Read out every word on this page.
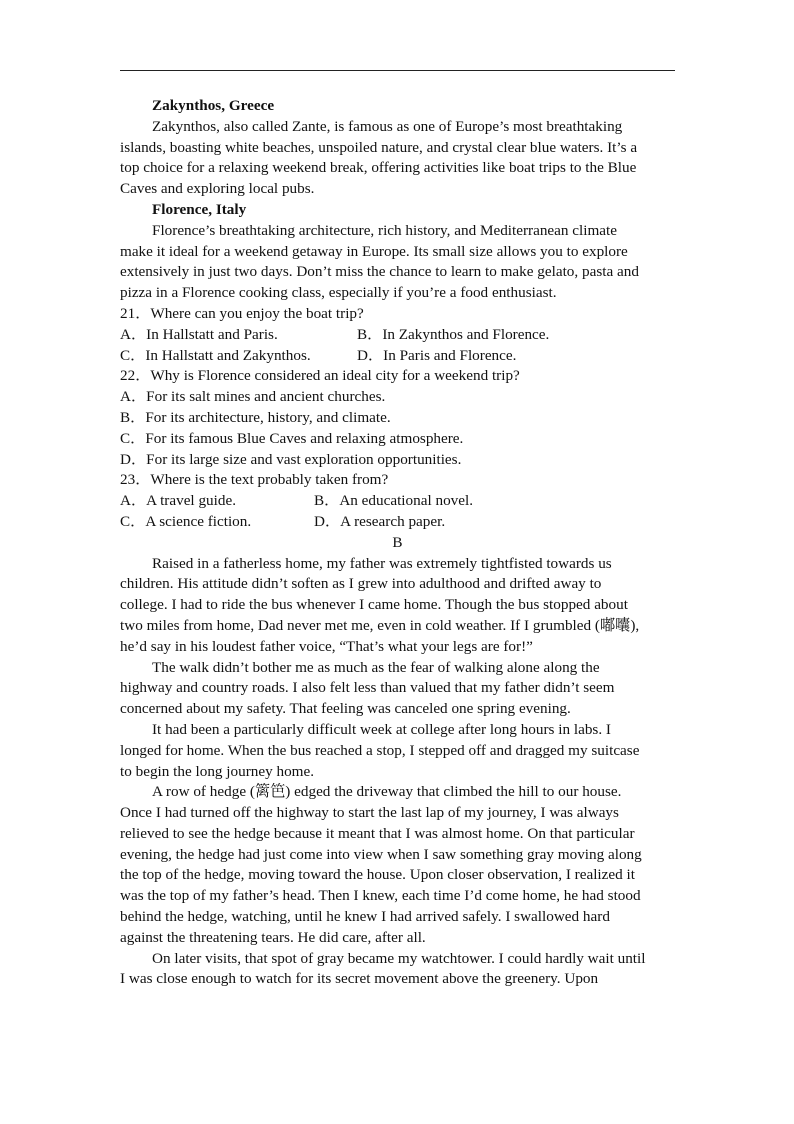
Zakynthos, Greece
Zakynthos, also called Zante, is famous as one of Europe’s most breathtaking
islands, boasting white beaches, unspoiled nature, and crystal clear blue waters. It’s a
top choice for a relaxing weekend break, offering activities like boat trips to the Blue
Caves and exploring local pubs.
Florence, Italy
Florence’s breathtaking architecture, rich history, and Mediterranean climate
make it ideal for a weekend getaway in Europe. Its small size allows you to explore
extensively in just two days. Don’t miss the chance to learn to make gelato, pasta and
pizza in a Florence cooking class, especially if you’re a food enthusiast.
21．Where can you enjoy the boat trip?
A．In Hallstatt and Paris.	B．In Zakynthos and Florence.
C．In Hallstatt and Zakynthos.	D．In Paris and Florence.
22．Why is Florence considered an ideal city for a weekend trip?
A．For its salt mines and ancient churches.
B．For its architecture, history, and climate.
C．For its famous Blue Caves and relaxing atmosphere.
D．For its large size and vast exploration opportunities.
23．Where is the text probably taken from?
A．A travel guide.	B．An educational novel.
C．A science fiction.	D．A research paper.
B
Raised in a fatherless home, my father was extremely tightfisted towards us
children. His attitude didn’t soften as I grew into adulthood and drifted away to
college. I had to ride the bus whenever I came home. Though the bus stopped about
two miles from home, Dad never met me, even in cold weather. If I grumbled (嘟囔),
he’d say in his loudest father voice, “That’s what your legs are for!”
The walk didn’t bother me as much as the fear of walking alone along the
highway and country roads. I also felt less than valued that my father didn’t seem
concerned about my safety. That feeling was canceled one spring evening.
It had been a particularly difficult week at college after long hours in labs. I
longed for home. When the bus reached a stop, I stepped off and dragged my suitcase
to begin the long journey home.
A row of hedge (篱笆) edged the driveway that climbed the hill to our house.
Once I had turned off the highway to start the last lap of my journey, I was always
relieved to see the hedge because it meant that I was almost home. On that particular
evening, the hedge had just come into view when I saw something gray moving along
the top of the hedge, moving toward the house. Upon closer observation, I realized it
was the top of my father’s head. Then I knew, each time I’d come home, he had stood
behind the hedge, watching, until he knew I had arrived safely. I swallowed hard
against the threatening tears. He did care, after all.
On later visits, that spot of gray became my watchtower. I could hardly wait until
I was close enough to watch for its secret movement above the greenery. Upon
